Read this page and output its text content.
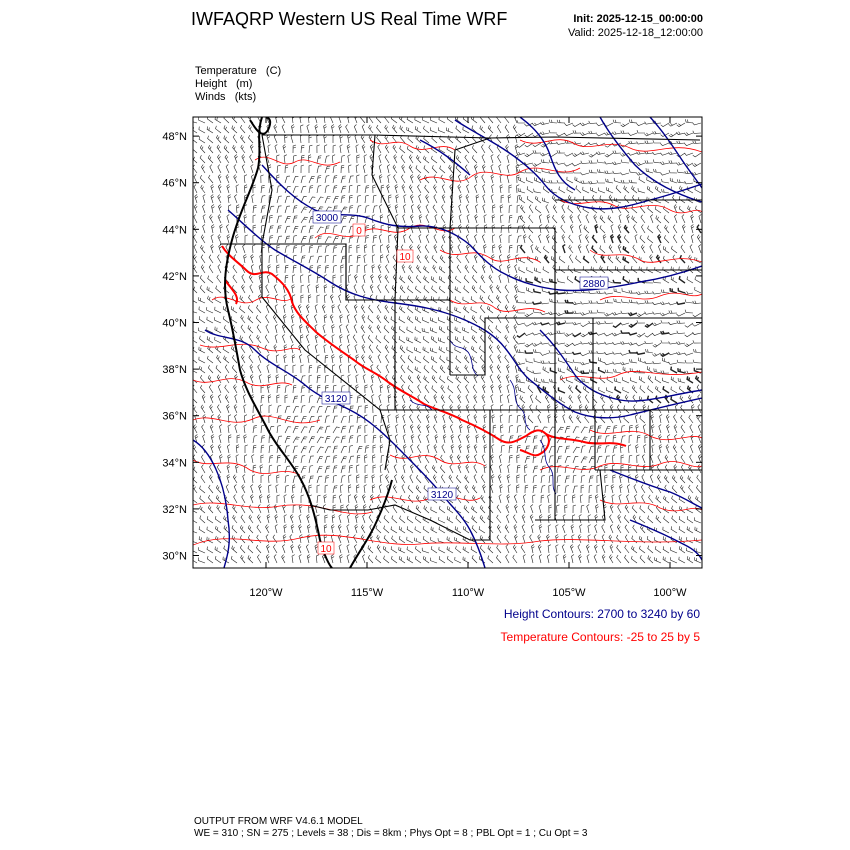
IWFAQRP Western US Real Time WRF	Init: 2025-12-15_00:00:00
Valid: 2025-12-18_12:00:00
Temperature   (C)
Height   (m)
Winds   (kts)
48°N
46°N
44°N
42°N
40°N
38°N
36°N
34°N
32°N
30°N
120°W	115°W	110°W	105°W	100°W
3000
3120
3120
2880
0
10
10
Height Contours: 2700 to 3240 by 60
Temperature Contours: -25 to 25 by 5
OUTPUT FROM WRF V4.6.1 MODEL
WE = 310 ; SN = 275 ; Levels = 38 ; Dis = 8km ; Phys Opt = 8 ; PBL Opt = 1 ; Cu Opt = 3
